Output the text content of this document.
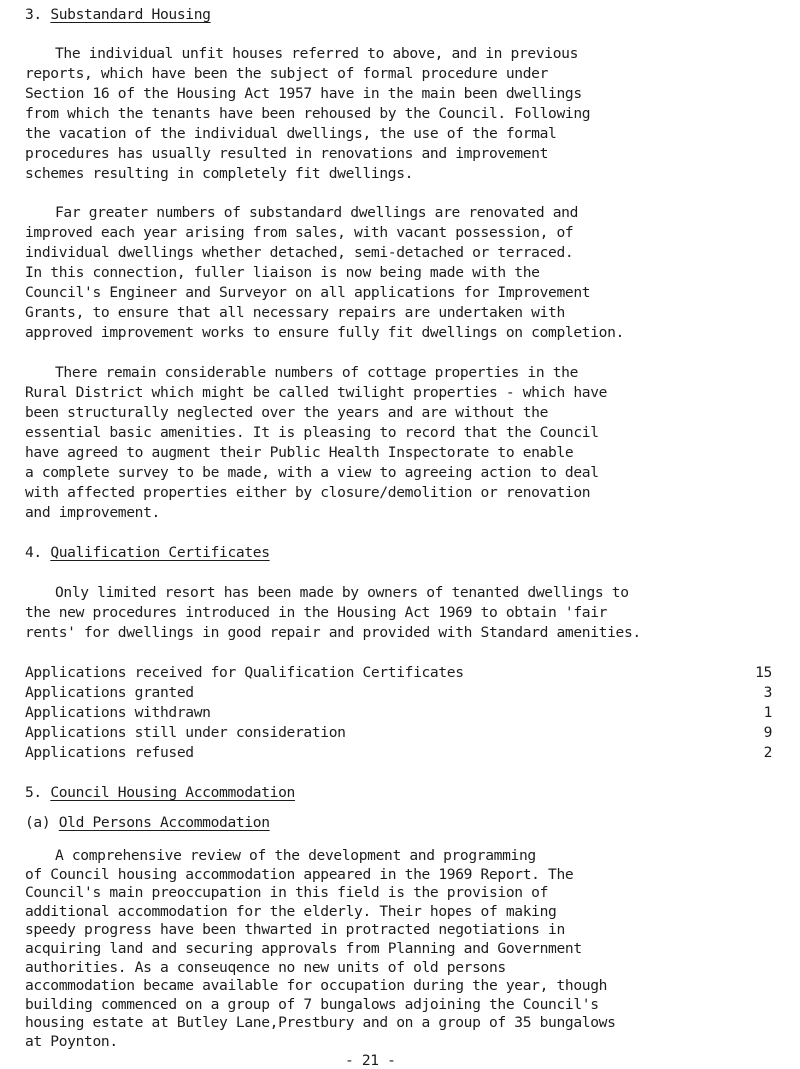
3. Substandard Housing
The individual unfit houses referred to above, and in previous
reports, which have been the subject of formal procedure under
Section 16 of the Housing Act 1957 have in the main been dwellings
from which the tenants have been rehoused by the Council. Following
the vacation of the individual dwellings, the use of the formal
procedures has usually resulted in renovations and improvement
schemes resulting in completely fit dwellings.
Far greater numbers of substandard dwellings are renovated and
improved each year arising from sales, with vacant possession, of
individual dwellings whether detached, semi-detached or terraced.
In this connection, fuller liaison is now being made with the
Council's Engineer and Surveyor on all applications for Improvement
Grants, to ensure that all necessary repairs are undertaken with
approved improvement works to ensure fully fit dwellings on completion.
There remain considerable numbers of cottage properties in the
Rural District which might be called twilight properties - which have
been structurally neglected over the years and are without the
essential basic amenities. It is pleasing to record that the Council
have agreed to augment their Public Health Inspectorate to enable
a complete survey to be made, with a view to agreeing action to deal
with affected properties either by closure/demolition or renovation
and improvement.
4. Qualification Certificates
Only limited resort has been made by owners of tenanted dwellings to
the new procedures introduced in the Housing Act 1969 to obtain 'fair
rents' for dwellings in good repair and provided with Standard amenities.
Applications received for Qualification Certificates	15
Applications granted	3
Applications withdrawn	1
Applications still under consideration	9
Applications refused	2
5. Council Housing Accommodation
(a) Old Persons Accommodation
A comprehensive review of the development and programming
of Council housing accommodation appeared in the 1969 Report. The
Council's main preoccupation in this field is the provision of
additional accommodation for the elderly. Their hopes of making
speedy progress have been thwarted in protracted negotiations in
acquiring land and securing approvals from Planning and Government
authorities. As a conseuqence no new units of old persons
accommodation became available for occupation during the year, though
building commenced on a group of 7 bungalows adjoining the Council's
housing estate at Butley Lane,Prestbury and on a group of 35 bungalows
at Poynton.
- 21 -
